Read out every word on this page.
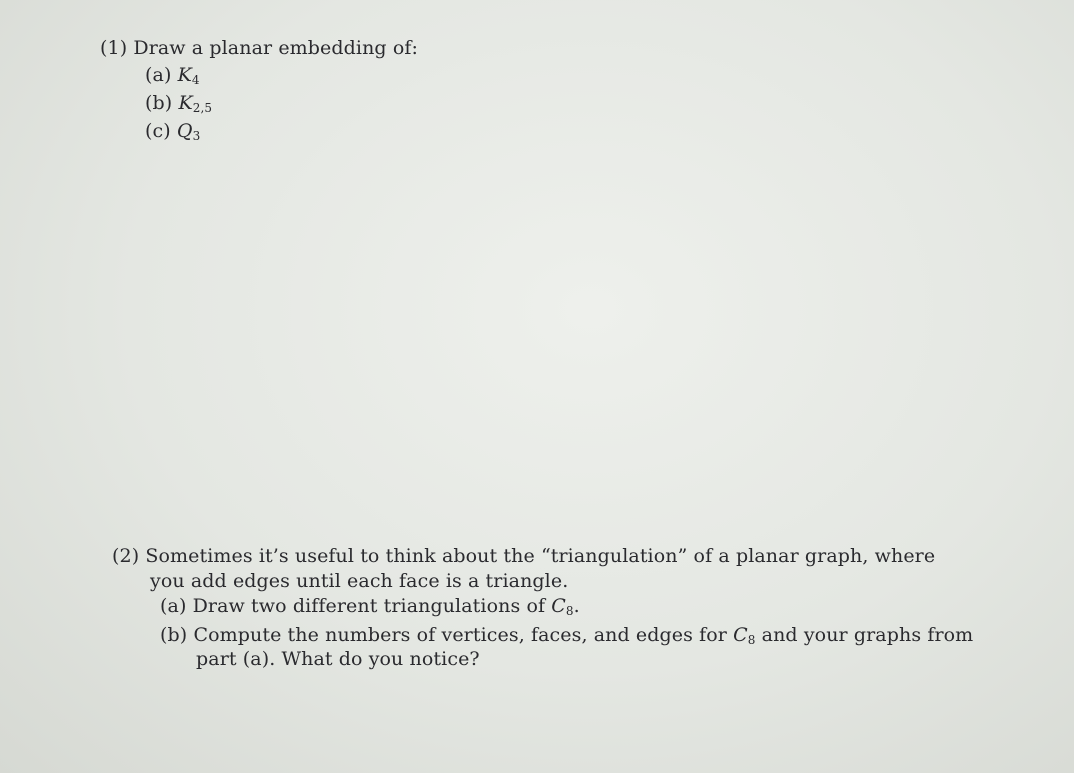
(1) Draw a planar embedding of:
(a) $K_4$
(b) $K_{2,5}$
(c) $Q_3$
(2) Sometimes it’s useful to think about the “triangulation” of a planar graph, where
you add edges until each face is a triangle.
(a) Draw two different triangulations of $C_8$.
(b) Compute the numbers of vertices, faces, and edges for $C_8$ and your graphs from
part (a). What do you notice?
